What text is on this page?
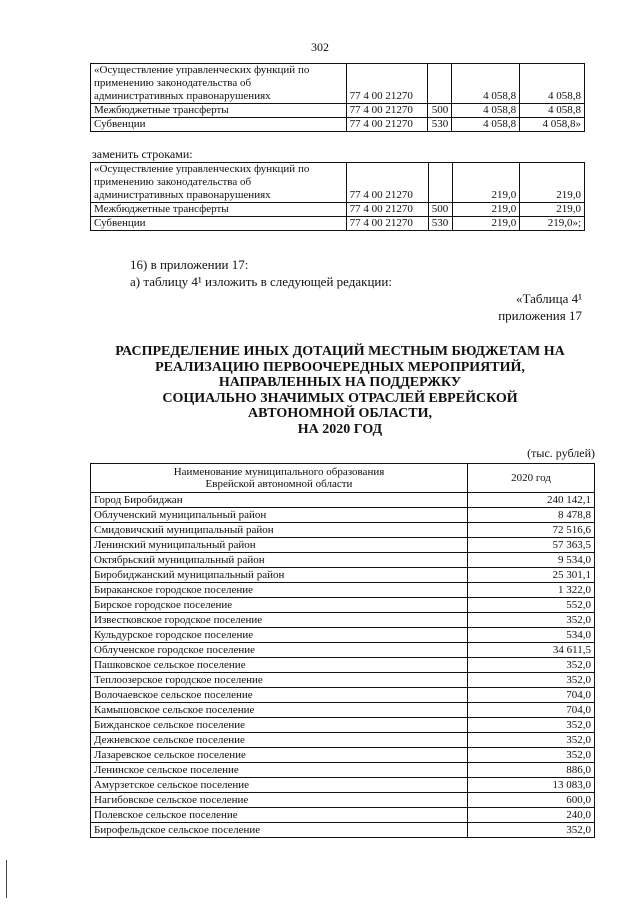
302
«Осуществление управленческих функций по
применению законодательства об
административных правонарушениях	77 4 00 21270		4 058,8	4 058,8
Межбюджетные трансферты	77 4 00 21270	500	4 058,8	4 058,8
Субвенции	77 4 00 21270	530	4 058,8	4 058,8»
заменить строками:
«Осуществление управленческих функций по
применению законодательства об
административных правонарушениях	77 4 00 21270		219,0	219,0
Межбюджетные трансферты	77 4 00 21270	500	219,0	219,0
Субвенции	77 4 00 21270	530	219,0	219,0»;
16) в приложении 17:
а) таблицу 4¹ изложить в следующей редакции:
«Таблица 4¹
приложения 17
РАСПРЕДЕЛЕНИЕ ИНЫХ ДОТАЦИЙ МЕСТНЫМ БЮДЖЕТАМ НА
РЕАЛИЗАЦИЮ ПЕРВООЧЕРЕДНЫХ МЕРОПРИЯТИЙ,
НАПРАВЛЕННЫХ НА ПОДДЕРЖКУ
СОЦИАЛЬНО ЗНАЧИМЫХ ОТРАСЛЕЙ ЕВРЕЙСКОЙ
АВТОНОМНОЙ ОБЛАСТИ,
НА 2020 ГОД
(тыс. рублей)
Наименование муниципального образования
Еврейской автономной области	2020 год
Город Биробиджан	240 142,1
Облученский муниципальный район	8 478,8
Смидовичский муниципальный район	72 516,6
Ленинский муниципальный район	57 363,5
Октябрьский муниципальный район	9 534,0
Биробиджанский муниципальный район	25 301,1
Бираканское городское поселение	1 322,0
Бирское городское поселение	552,0
Известковское городское поселение	352,0
Кульдурское городское поселение	534,0
Облученское городское поселение	34 611,5
Пашковское сельское поселение	352,0
Теплоозерское городское поселение	352,0
Волочаевское сельское поселение	704,0
Камышовское сельское поселение	704,0
Бижданское сельское поселение	352,0
Дежневское сельское поселение	352,0
Лазаревское сельское поселение	352,0
Ленинское сельское поселение	886,0
Амурзетское сельское поселение	13 083,0
Нагибовское сельское поселение	600,0
Полевское сельское поселение	240,0
Бирофельдское сельское поселение	352,0
